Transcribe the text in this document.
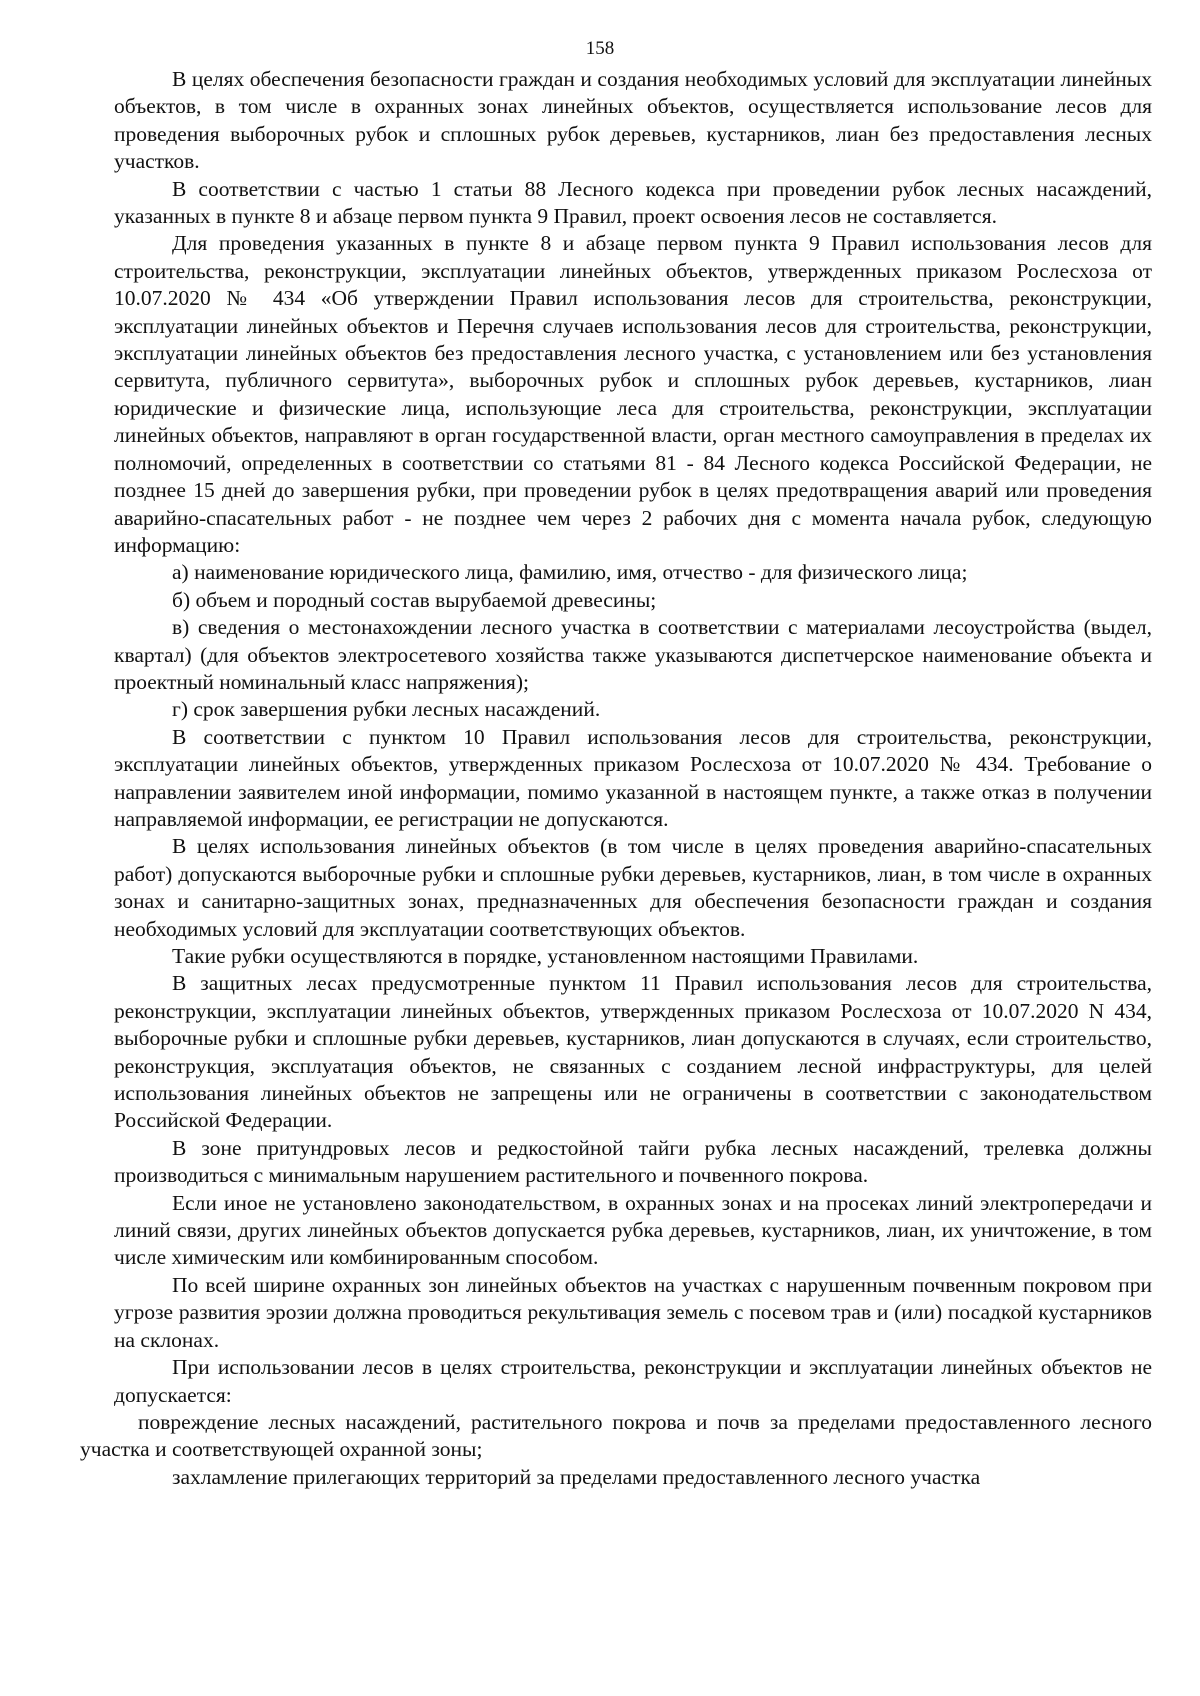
158

В целях обеспечения безопасности граждан и создания необходимых условий для эксплуатации линейных объектов, в том числе в охранных зонах линейных объектов, осуществляется использование лесов для проведения выборочных рубок и сплошных рубок деревьев, кустарников, лиан без предоставления лесных участков.

В соответствии с частью 1 статьи 88 Лесного кодекса при проведении рубок лесных насаждений, указанных в пункте 8 и абзаце первом пункта 9 Правил, проект освоения лесов не составляется.

Для проведения указанных в пункте 8 и абзаце первом пункта 9 Правил использования лесов для строительства, реконструкции, эксплуатации линейных объектов, утвержденных приказом Рослесхоза от 10.07.2020 № 434 «Об утверждении Правил использования лесов для строительства, реконструкции, эксплуатации линейных объектов и Перечня случаев использования лесов для строительства, реконструкции, эксплуатации линейных объектов без предоставления лесного участка, с установлением или без установления сервитута, публичного сервитута», выборочных рубок и сплошных рубок деревьев, кустарников, лиан юридические и физические лица, использующие леса для строительства, реконструкции, эксплуатации линейных объектов, направляют в орган государственной власти, орган местного самоуправления в пределах их полномочий, определенных в соответствии со статьями 81 - 84 Лесного кодекса Российской Федерации, не позднее 15 дней до завершения рубки, при проведении рубок в целях предотвращения аварий или проведения аварийно-спасательных работ - не позднее чем через 2 рабочих дня с момента начала рубок, следующую информацию:

а) наименование юридического лица, фамилию, имя, отчество - для физического лица;

б) объем и породный состав вырубаемой древесины;

в) сведения о местонахождении лесного участка в соответствии с материалами лесоустройства (выдел, квартал) (для объектов электросетевого хозяйства также указываются диспетчерское наименование объекта и проектный номинальный класс напряжения);

г) срок завершения рубки лесных насаждений.

В соответствии с пунктом 10 Правил использования лесов для строительства, реконструкции, эксплуатации линейных объектов, утвержденных приказом Рослесхоза от 10.07.2020 № 434. Требование о направлении заявителем иной информации, помимо указанной в настоящем пункте, а также отказ в получении направляемой информации, ее регистрации не допускаются.

В целях использования линейных объектов (в том числе в целях проведения аварийно-спасательных работ) допускаются выборочные рубки и сплошные рубки деревьев, кустарников, лиан, в том числе в охранных зонах и санитарно-защитных зонах, предназначенных для обеспечения безопасности граждан и создания необходимых условий для эксплуатации соответствующих объектов.

Такие рубки осуществляются в порядке, установленном настоящими Правилами.

В защитных лесах предусмотренные пунктом 11 Правил использования лесов для строительства, реконструкции, эксплуатации линейных объектов, утвержденных приказом Рослесхоза от 10.07.2020 N 434, выборочные рубки и сплошные рубки деревьев, кустарников, лиан допускаются в случаях, если строительство, реконструкция, эксплуатация объектов, не связанных с созданием лесной инфраструктуры, для целей использования линейных объектов не запрещены или не ограничены в соответствии с законодательством Российской Федерации.

В зоне притундровых лесов и редкостойной тайги рубка лесных насаждений, трелевка должны производиться с минимальным нарушением растительного и почвенного покрова.

Если иное не установлено законодательством, в охранных зонах и на просеках линий электропередачи и линий связи, других линейных объектов допускается рубка деревьев, кустарников, лиан, их уничтожение, в том числе химическим или комбинированным способом.

По всей ширине охранных зон линейных объектов на участках с нарушенным почвенным покровом при угрозе развития эрозии должна проводиться рекультивация земель с посевом трав и (или) посадкой кустарников на склонах.

При использовании лесов в целях строительства, реконструкции и эксплуатации линейных объектов не допускается:

повреждение лесных насаждений, растительного покрова и почв за пределами предоставленного лесного участка и соответствующей охранной зоны;

захламление прилегающих территорий за пределами предоставленного лесного участка
